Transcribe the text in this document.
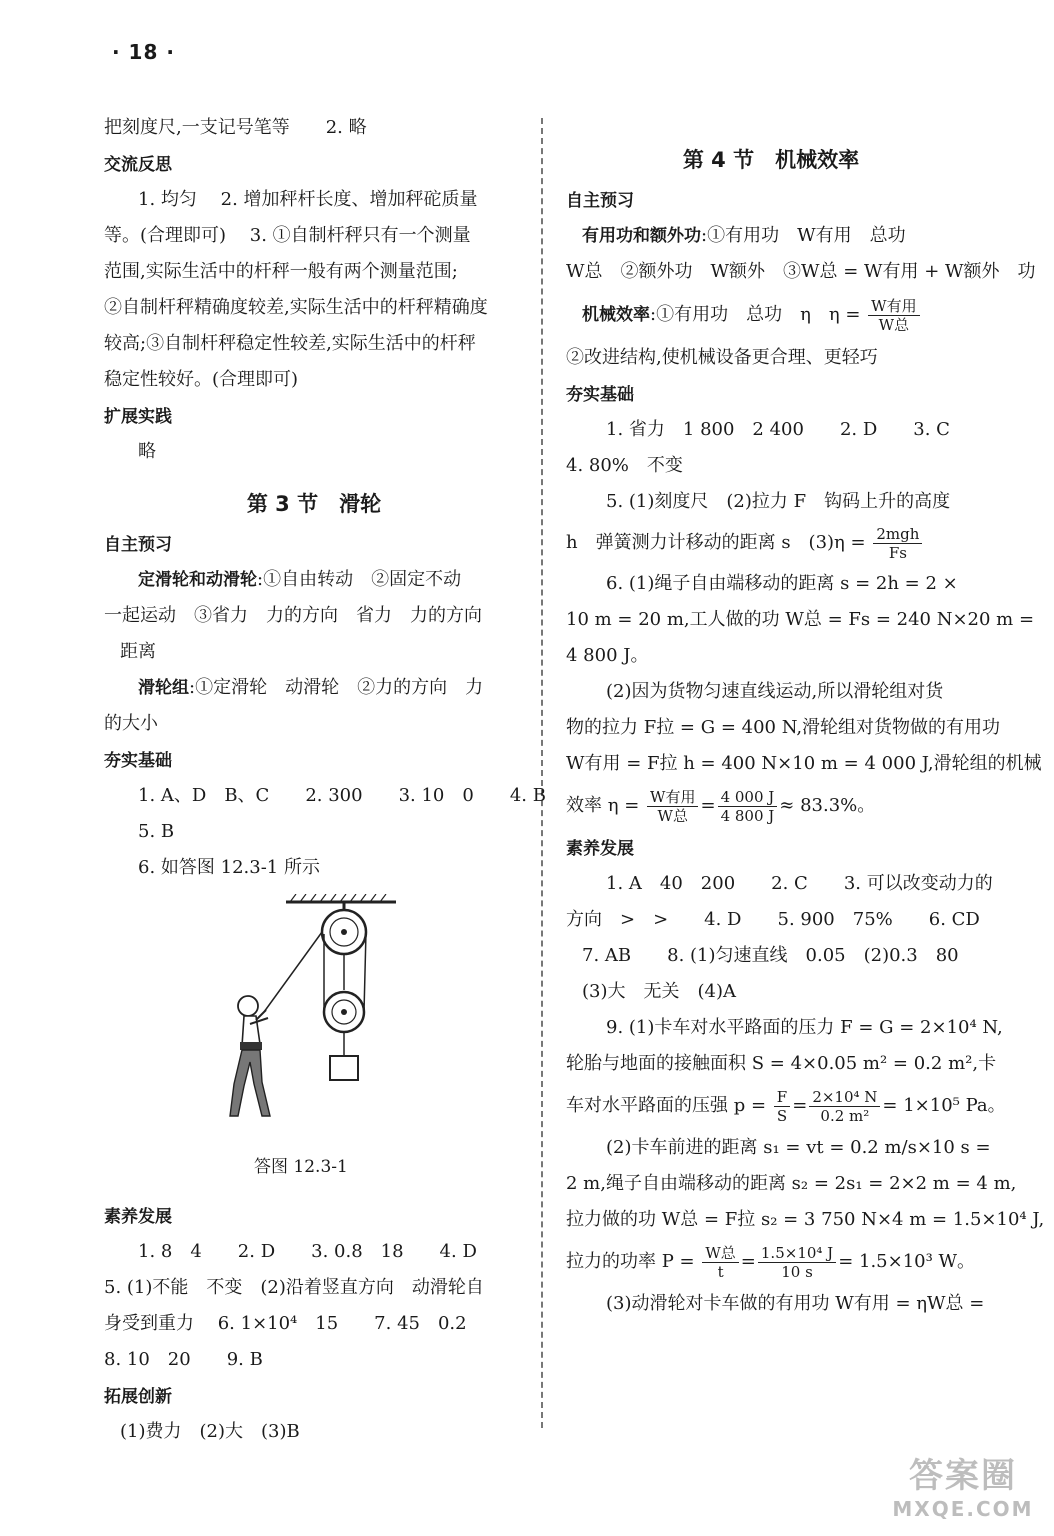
· 18 ·

把刻度尺,一支记号笔等　　2. 略

交流反思

1. 均匀　 2. 增加秤杆长度、增加秤砣质量

等。(合理即可)　 3. ①自制杆秤只有一个测量

范围,实际生活中的杆秤一般有两个测量范围;

②自制杆秤精确度较差,实际生活中的杆秤精确度

较高;③自制杆秤稳定性较差,实际生活中的杆秤

稳定性较好。(合理即可)

扩展实践

略

第 3 节　滑轮

自主预习

定滑轮和动滑轮:①自由转动　②固定不动

一起运动　③省力　力的方向　省力　力的方向

距离

滑轮组:①定滑轮　动滑轮　②力的方向　力

的大小

夯实基础

1. A、D　B、C　　2. 300　　3. 10　0　　4. B

5. B

6. 如答图 12.3-1 所示

答图 12.3-1

素养发展

1. 8　4　　2. D　　3. 0.8　18　　4. D

5. (1)不能　不变　(2)沿着竖直方向　动滑轮自

身受到重力　 6. 1×10⁴　15　　7. 45　0.2

8. 10　20　　9. B

拓展创新

(1)费力　(2)大　(3)B

第 4 节　机械效率

自主预习

有用功和额外功:①有用功　W有用　总功

W总　②额外功　W额外　③W总 = W有用 + W额外　功

机械效率:①有用功　总功　η　$\eta = \frac{\text{W有用}}{\text{W总}}$

②改进结构,使机械设备更合理、更轻巧

夯实基础

1. 省力　1 800　2 400　　2. D　　3. C

4. 80%　不变

5. (1)刻度尺　(2)拉力 F　钩码上升的高度

h　弹簧测力计移动的距离 s　$(3)\eta = \frac{\text{2mgh}}{Fs}$

6. (1)绳子自由端移动的距离 s = 2h = 2 ×

10 m = 20 m,工人做的功 W总 = Fs = 240 N×20 m =

4 800 J。

(2)因为货物匀速直线运动,所以滑轮组对货

物的拉力 F拉 = G = 400 N,滑轮组对货物做的有用功

W有用 = F拉 h = 400 N×10 m = 4 000 J,滑轮组的机械

效率 $\eta = \frac{\text{W有用}}{\text{W总}} = \frac{4 000 J}{4 800 J} \approx 83.3\%$。

素养发展

1. A　40　200　　2. C　　3. 可以改变动力的

方向　>　>　　4. D　　5. 900　75%　　6. CD

7. AB　　8. (1)匀速直线　0.05　(2)0.3　80

(3)大　无关　(4)A

9. (1)卡车对水平路面的压力 F = G = 2×10⁴ N,

轮胎与地面的接触面积 S = 4×0.05 m² = 0.2 m²,卡

车对水平路面的压强 $p = \frac{F}{S} = \frac{\text{2×10⁴ N}}{\text{0.2 m²}} = 1\times 10^5$ Pa。

(2)卡车前进的距离 s₁ = vt = 0.2 m/s×10 s =

2 m,绳子自由端移动的距离 s₂ = 2s₁ = 2×2 m = 4 m,

拉力做的功 W总 = F拉 s₂ = 3 750 N×4 m = 1.5×10⁴ J,

拉力的功率 $P = \frac{\text{W总}}{t} = \frac{\text{1.5×10⁴ J}}{10 s} = 1.5\times 10^3$ W。

(3)动滑轮对卡车做的有用功 W有用 = ηW总 =

答案圈
MXQE.COM
